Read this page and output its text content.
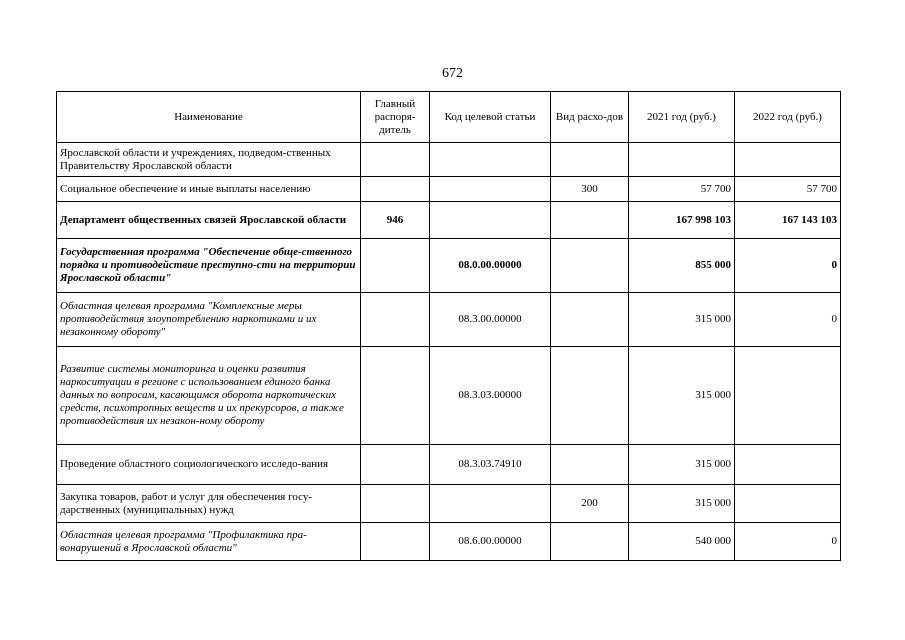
672
Наименование	Главный распоря-дитель	Код целевой статьи	Вид расхо-дов	2021 год (руб.)	2022 год (руб.)
Ярославской области и учреждениях, подведом-ственных Правительству Ярославской области					
Социальное обеспечение и иные выплаты населению			300	57 700	57 700
Департамент общественных связей Ярославской области	946			167 998 103	167 143 103
Государственная программа "Обеспечение обще-ственного порядка и противодействие преступно-сти на территории Ярославской области"		08.0.00.00000		855 000	0
Областная целевая программа "Комплексные меры противодействия злоупотреблению наркотиками и их незаконному обороту"		08.3.00.00000		315 000	0
Развитие системы мониторинга и оценки развития наркоситуации в регионе с использованием единого банка данных по вопросам, касающимся оборота наркотических средств, психотропных веществ и их прекурсоров, а также противодействия их незакон-ному обороту		08.3.03.00000		315 000	
Проведение областного социологического исследо-вания		08.3.03.74910		315 000	
Закупка товаров, работ и услуг для обеспечения госу-дарственных (муниципальных) нужд			200	315 000	
Областная целевая программа "Профилактика пра-вонарушений в Ярославской области"		08.6.00.00000		540 000	0
